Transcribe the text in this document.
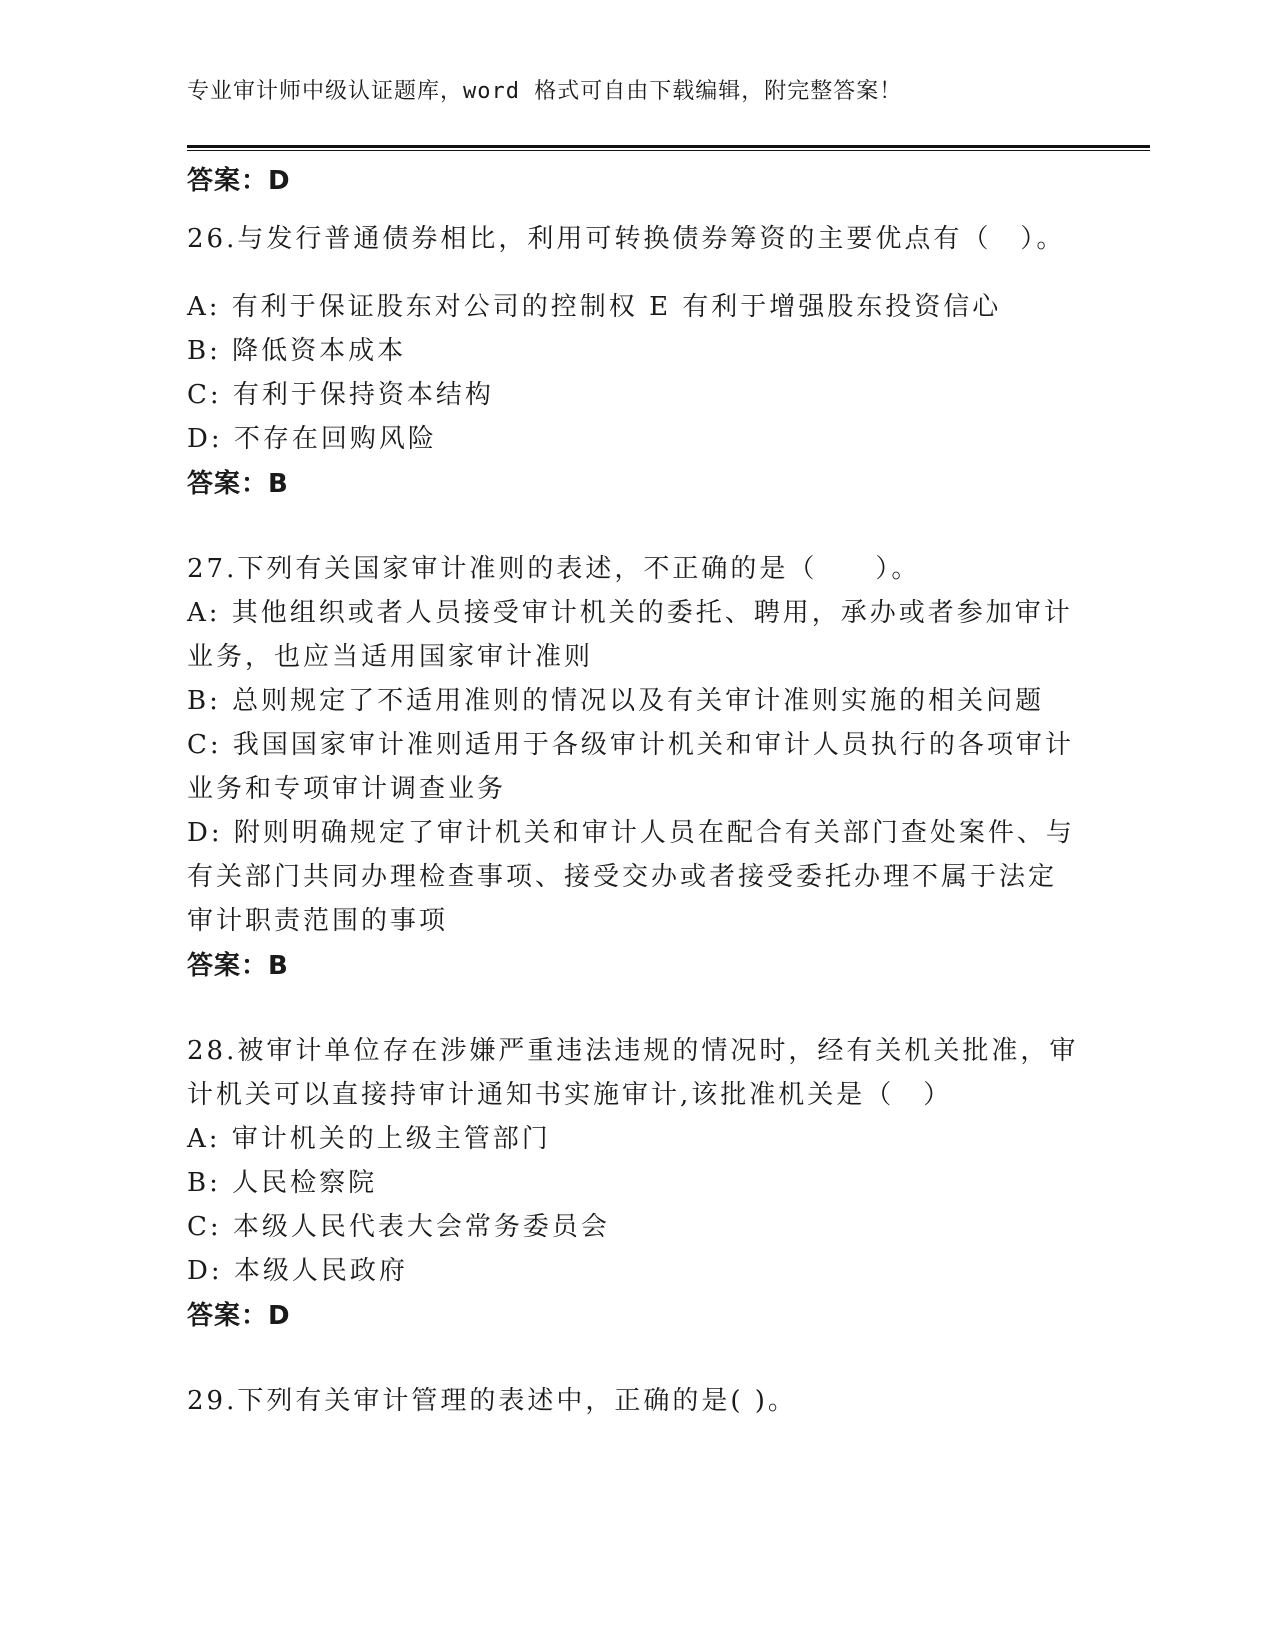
专业审计师中级认证题库，word 格式可自由下载编辑，附完整答案！
答案：D
26.与发行普通债券相比，利用可转换债券筹资的主要优点有（　）。
A: 有利于保证股东对公司的控制权 E 有利于增强股东投资信心
B: 降低资本成本
C: 有利于保持资本结构
D: 不存在回购风险
答案：B
27.下列有关国家审计准则的表述，不正确的是（　　）。
A: 其他组织或者人员接受审计机关的委托、聘用，承办或者参加审计
业务，也应当适用国家审计准则
B: 总则规定了不适用准则的情况以及有关审计准则实施的相关问题
C: 我国国家审计准则适用于各级审计机关和审计人员执行的各项审计
业务和专项审计调查业务
D: 附则明确规定了审计机关和审计人员在配合有关部门查处案件、与
有关部门共同办理检查事项、接受交办或者接受委托办理不属于法定
审计职责范围的事项
答案：B
28.被审计单位存在涉嫌严重违法违规的情况时，经有关机关批准，审
计机关可以直接持审计通知书实施审计,该批准机关是（　）
A: 审计机关的上级主管部门
B: 人民检察院
C: 本级人民代表大会常务委员会
D: 本级人民政府
答案：D
29.下列有关审计管理的表述中，正确的是( )。
